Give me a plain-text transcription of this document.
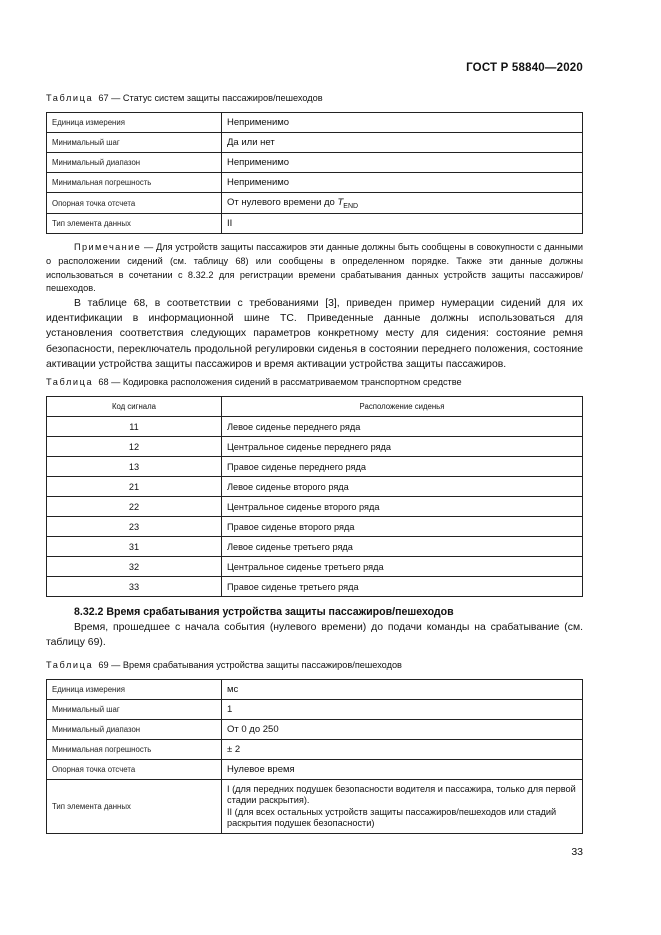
ГОСТ Р 58840—2020
Таблица 67 — Статус систем защиты пассажиров/пешеходов
Единица измерения	Неприменимо
Минимальный шаг	Да или нет
Минимальный диапазон	Неприменимо
Минимальная погрешность	Неприменимо
Опорная точка отсчета	От нулевого времени до $T_{END}$
Тип элемента данных	II
Примечание — Для устройств защиты пассажиров эти данные должны быть сообщены в совокупности с данными о расположении сидений (см. таблицу 68) или сообщены в определенном порядке. Также эти данные должны использоваться в сочетании с 8.32.2 для регистрации времени срабатывания данных устройств защиты пассажиров/пешеходов.
В таблице 68, в соответствии с требованиями [3], приведен пример нумерации сидений для их идентификации в информационной шине ТС. Приведенные данные должны использоваться для установления соответствия следующих параметров конкретному месту для сидения: состояние ремня безопасности, переключатель продольной регулировки сиденья в состоянии переднего положения, состояние активации устройства защиты пассажиров и время активации устройства защиты пассажиров.
Таблица 68 — Кодировка расположения сидений в рассматриваемом транспортном средстве
Код сигнала	Расположение сиденья
11	Левое сиденье переднего ряда
12	Центральное сиденье переднего ряда
13	Правое сиденье переднего ряда
21	Левое сиденье второго ряда
22	Центральное сиденье второго ряда
23	Правое сиденье второго ряда
31	Левое сиденье третьего ряда
32	Центральное сиденье третьего ряда
33	Правое сиденье третьего ряда
8.32.2 Время срабатывания устройства защиты пассажиров/пешеходов
Время, прошедшее с начала события (нулевого времени) до подачи команды на срабатывание (см. таблицу 69).
Таблица 69 — Время срабатывания устройства защиты пассажиров/пешеходов
Единица измерения	мс
Минимальный шаг	1
Минимальный диапазон	От 0 до 250
Минимальная погрешность	± 2
Опорная точка отсчета	Нулевое время
Тип элемента данных	I (для передних подушек безопасности водителя и пассажира, только для первой стадии раскрытия).
II (для всех остальных устройств защиты пассажиров/пешеходов или стадий раскрытия подушек безопасности)
33
